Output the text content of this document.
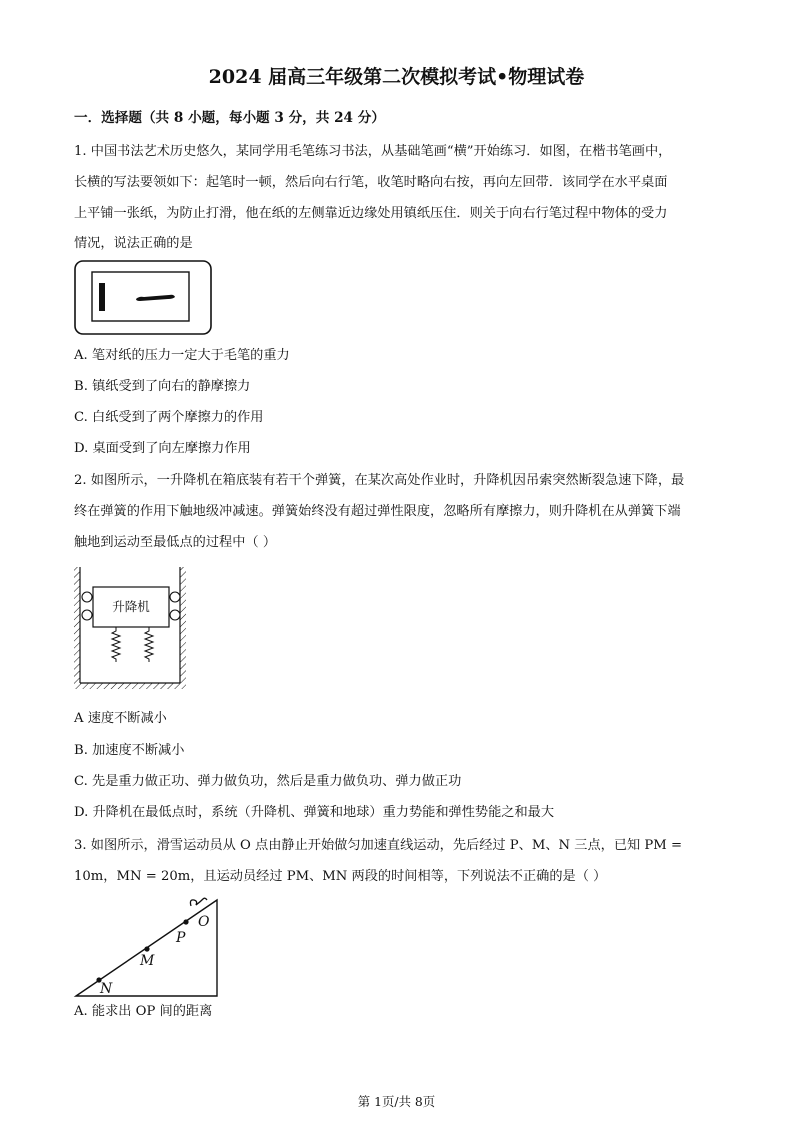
2024 届高三年级第二次模拟考试•物理试卷
一．选择题（共 8 小题，每小题 3 分，共 24 分）
1. 中国书法艺术历史悠久，某同学用毛笔练习书法，从基础笔画“横”开始练习．如图，在楷书笔画中，
长横的写法要领如下：起笔时一顿，然后向右行笔，收笔时略向右按，再向左回带．该同学在水平桌面
上平铺一张纸，为防止打滑，他在纸的左侧靠近边缘处用镇纸压住．则关于向右行笔过程中物体的受力
情况，说法正确的是
A. 笔对纸的压力一定大于毛笔的重力
B. 镇纸受到了向右的静摩擦力
C. 白纸受到了两个摩擦力的作用
D. 桌面受到了向左摩擦力作用
2. 如图所示，一升降机在箱底装有若干个弹簧，在某次高处作业时，升降机因吊索突然断裂急速下降，最
终在弹簧的作用下触地级冲减速。弹簧始终没有超过弹性限度，忽略所有摩擦力，则升降机在从弹簧下端
触地到运动至最低点的过程中（ ）
升降机
A 速度不断减小
B. 加速度不断减小
C. 先是重力做正功、弹力做负功，然后是重力做负功、弹力做正功
D. 升降机在最低点时，系统（升降机、弹簧和地球）重力势能和弹性势能之和最大
3. 如图所示，滑雪运动员从 O 点由静止开始做匀加速直线运动，先后经过 P、M、N 三点，已知 PM =
10m，MN = 20m，且运动员经过 PM、MN 两段的时间相等，下列说法不正确的是（ ）
O
P
M
N
A. 能求出 OP 间的距离
第 1页/共 8页
